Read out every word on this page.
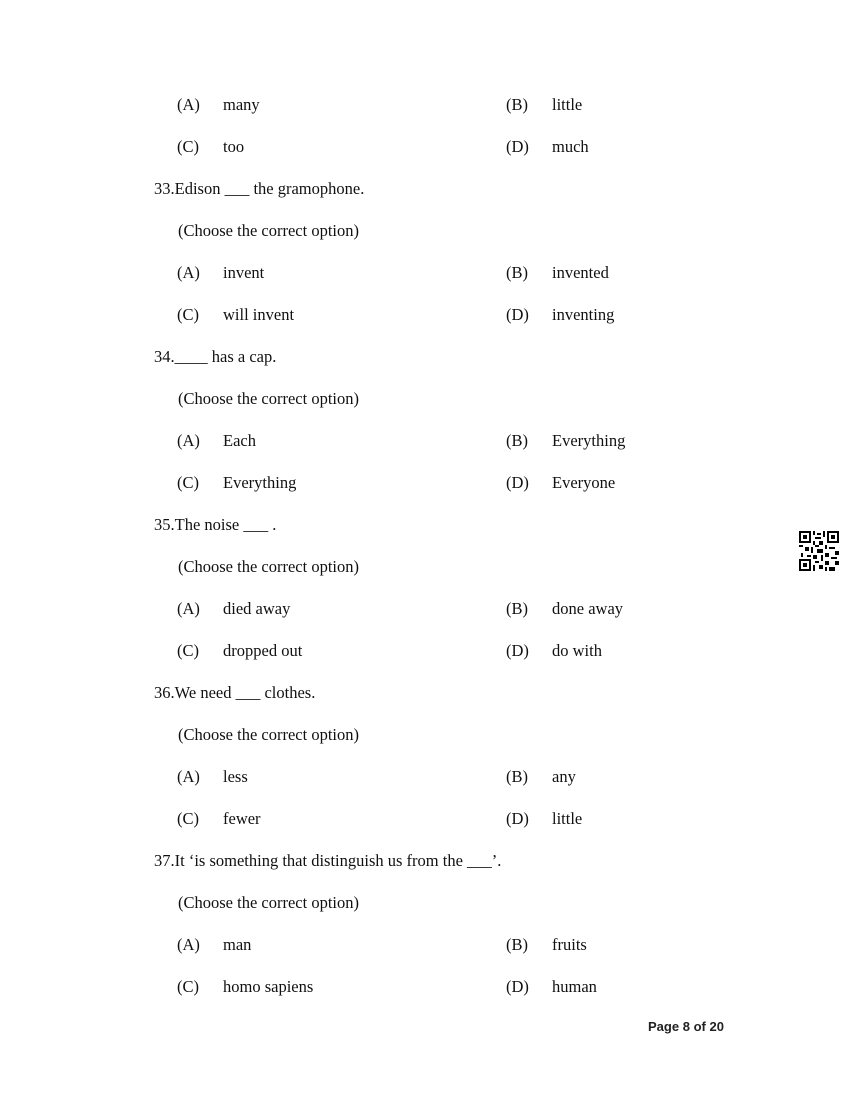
(A) many	(B) little
(C) too	(D) much
33.Edison ___ the gramophone.
(Choose the correct option)
(A) invent	(B) invented
(C) will invent	(D) inventing
34.____ has a cap.
(Choose the correct option)
(A) Each	(B) Everything
(C) Everything	(D) Everyone
35.The noise ___ .
(Choose the correct option)
(A) died away	(B) done away
(C) dropped out	(D) do with
36.We need ___ clothes.
(Choose the correct option)
(A) less	(B) any
(C) fewer	(D) little
37.It ‘is something that distinguish us from the ___’.
(Choose the correct option)
(A) man	(B) fruits
(C) homo sapiens	(D) human
Page 8 of 20
